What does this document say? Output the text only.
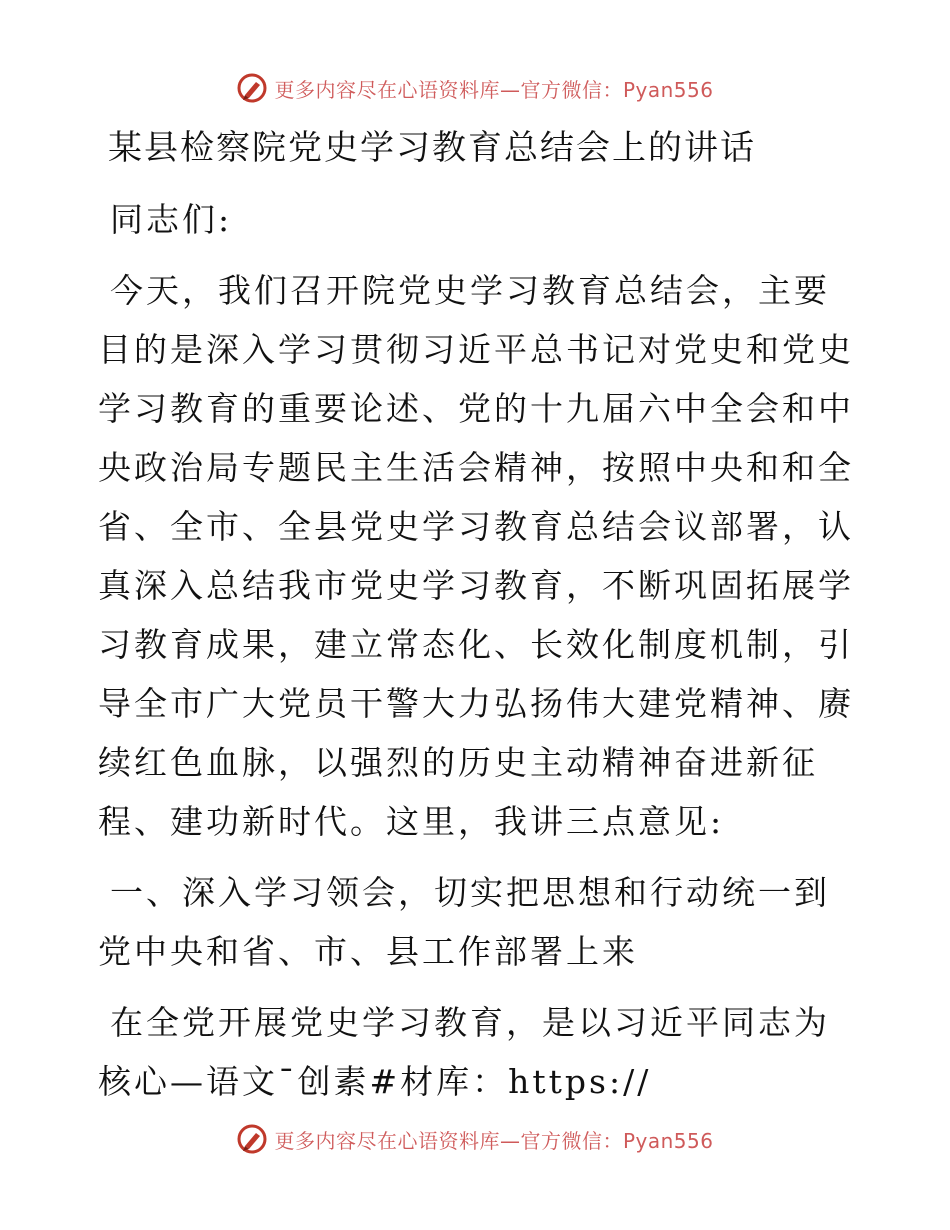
更多内容尽在心语资料库—官方微信：Pyan556
某县检察院党史学习教育总结会上的讲话

同志们:

今天，我们召开院党史学习教育总结会，主要目的是深入学习贯彻习近平总书记对党史和党史学习教育的重要论述、党的十九届六中全会和中央政治局专题民主生活会精神，按照中央和和全省、全市、全县党史学习教育总结会议部署，认真深入总结我市党史学习教育，不断巩固拓展学习教育成果，建立常态化、长效化制度机制，引导全市广大党员干警大力弘扬伟大建党精神、赓续红色血脉，以强烈的历史主动精神奋进新征程、建功新时代。这里，我讲三点意见:

一、深入学习领会，切实把思想和行动统一到党中央和省、市、县工作部署上来

在全党开展党史学习教育，是以习近平同志为核心—语文¯创素#材库：https://

更多内容尽在心语资料库—官方微信：Pyan556
